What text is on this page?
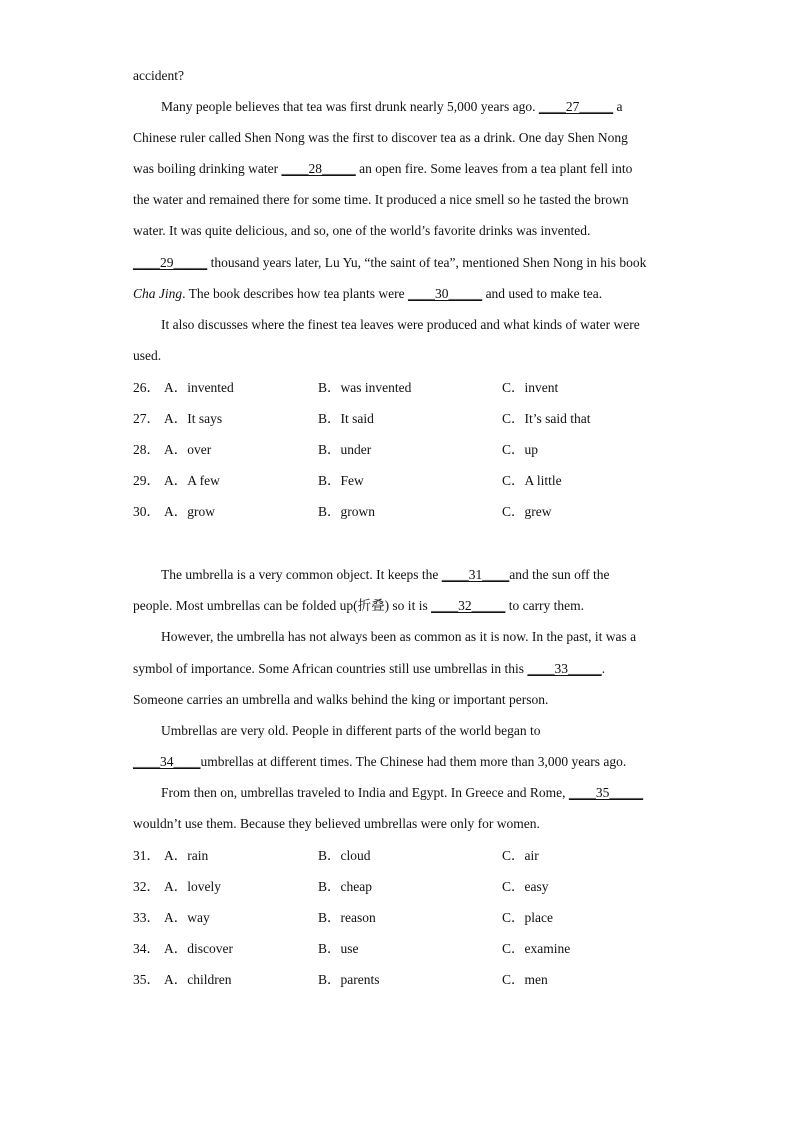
accident?
Many people believes that tea was first drunk nearly 5,000 years ago. ____27_____ a
Chinese ruler called Shen Nong was the first to discover tea as a drink. One day Shen Nong
was boiling drinking water ____28_____ an open fire. Some leaves from a tea plant fell into
the water and remained there for some time. It produced a nice smell so he tasted the brown
water. It was quite delicious, and so, one of the world’s favorite drinks was invented.
____29_____ thousand years later, Lu Yu, “the saint of tea”, mentioned Shen Nong in his book
Cha Jing. The book describes how tea plants were ____30_____ and used to make tea.
It also discusses where the finest tea leaves were produced and what kinds of water were
used.
26． A．invented	B．was invented	C．invent
27． A．It says	B．It said	C．It’s said that
28． A．over	B．under	C．up
29． A．A few	B．Few	C．A little
30． A．grow	B．grown	C．grew
The umbrella is a very common object. It keeps the ____31____and the sun off the
people. Most umbrellas can be folded up(折叠) so it is ____32_____ to carry them.
However, the umbrella has not always been as common as it is now. In the past, it was a
symbol of importance. Some African countries still use umbrellas in this ____33_____.
Someone carries an umbrella and walks behind the king or important person.
Umbrellas are very old. People in different parts of the world began to
____34____umbrellas at different times. The Chinese had them more than 3,000 years ago.
From then on, umbrellas traveled to India and Egypt. In Greece and Rome, ____35_____
wouldn’t use them. Because they believed umbrellas were only for women.
31． A．rain	B．cloud	C．air
32． A．lovely	B．cheap	C．easy
33． A．way	B．reason	C．place
34． A．discover	B．use	C．examine
35． A．children	B．parents	C．men
